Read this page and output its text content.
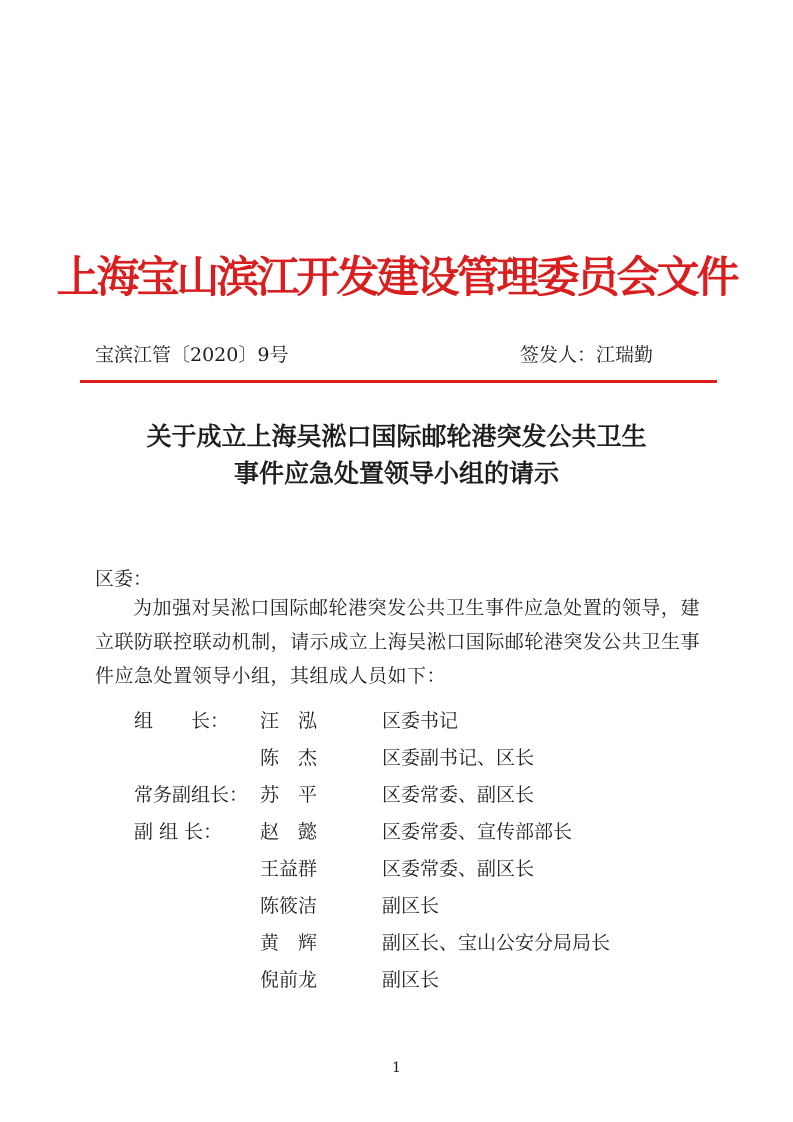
上海宝山滨江开发建设管理委员会文件
宝滨江管〔2020〕9号	签发人：江瑞勤
关于成立上海吴淞口国际邮轮港突发公共卫生
事件应急处置领导小组的请示
区委：
为加强对吴淞口国际邮轮港突发公共卫生事件应急处置的领导，建立联防联控联动机制，请示成立上海吴淞口国际邮轮港突发公共卫生事件应急处置领导小组，其组成人员如下：
组　　长： 汪　泓	区委书记
陈　杰	区委副书记、区长
常务副组长： 苏　平	区委常委、副区长
副 组 长： 赵　懿	区委常委、宣传部部长
王益群	区委常委、副区长
陈筱洁	副区长
黄　辉	副区长、宝山公安分局局长
倪前龙	副区长
1
